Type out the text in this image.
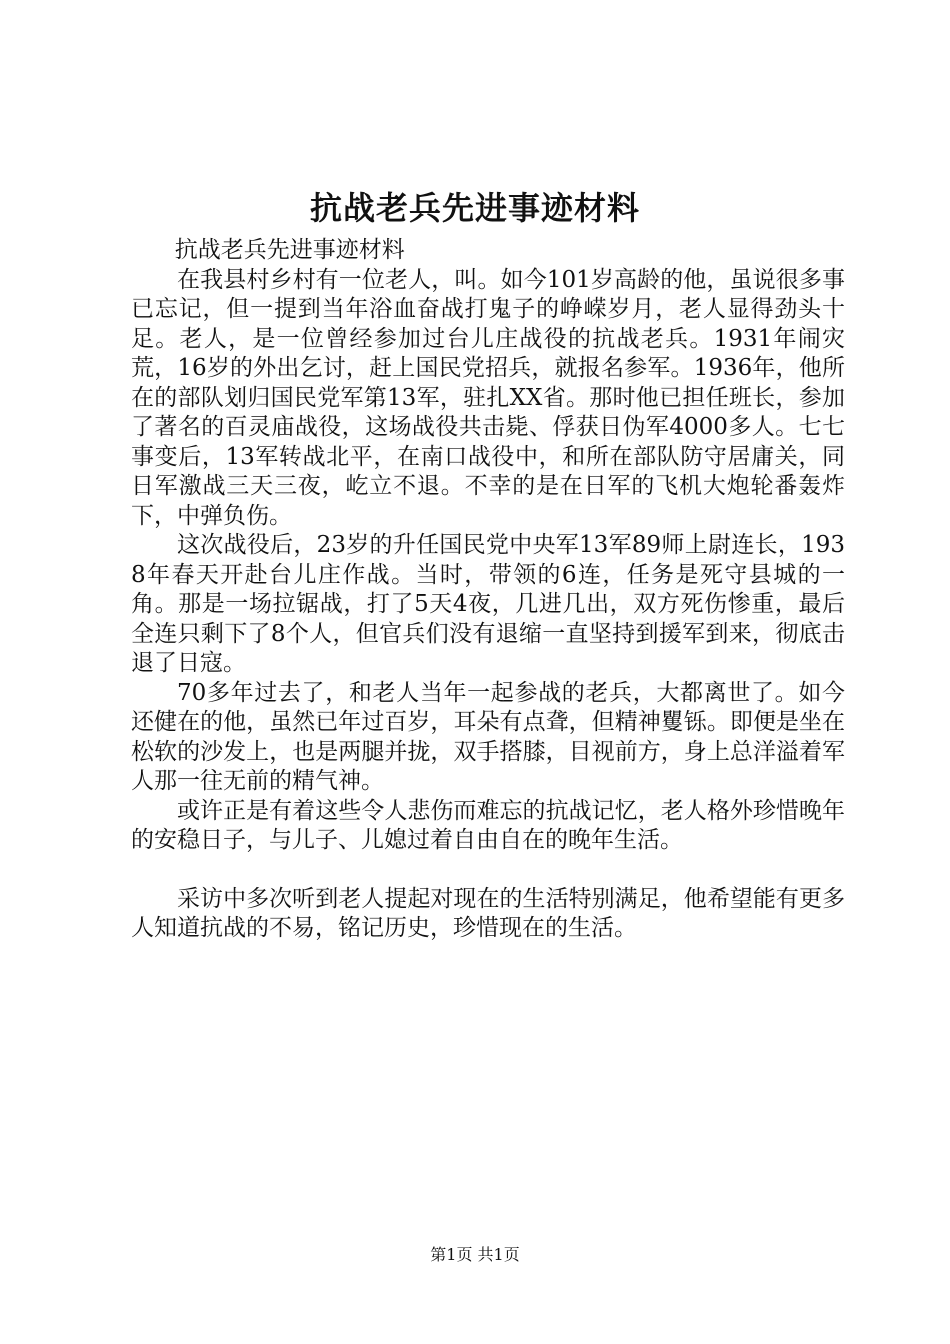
抗战老兵先进事迹材料

抗战老兵先进事迹材料

在我县村乡村有一位老人，叫。如今101岁高龄的他，虽说很多事已忘记，但一提到当年浴血奋战打鬼子的峥嵘岁月，老人显得劲头十足。老人，是一位曾经参加过台儿庄战役的抗战老兵。1931年闹灾荒，16岁的外出乞讨，赶上国民党招兵，就报名参军。1936年，他所在的部队划归国民党军第13军，驻扎XX省。那时他已担任班长，参加了著名的百灵庙战役，这场战役共击毙、俘获日伪军4000多人。七七事变后，13军转战北平，在南口战役中，和所在部队防守居庸关，同日军激战三天三夜，屹立不退。不幸的是在日军的飞机大炮轮番轰炸下，中弹负伤。

这次战役后，23岁的升任国民党中央军13军89师上尉连长，1938年春天开赴台儿庄作战。当时，带领的6连，任务是死守县城的一角。那是一场拉锯战，打了5天4夜，几进几出，双方死伤惨重，最后全连只剩下了8个人，但官兵们没有退缩一直坚持到援军到来，彻底击退了日寇。

70多年过去了，和老人当年一起参战的老兵，大都离世了。如今还健在的他，虽然已年过百岁，耳朵有点聋，但精神矍铄。即便是坐在松软的沙发上，也是两腿并拢，双手搭膝，目视前方，身上总洋溢着军人那一往无前的精气神。

或许正是有着这些令人悲伤而难忘的抗战记忆，老人格外珍惜晚年的安稳日子，与儿子、儿媳过着自由自在的晚年生活。

采访中多次听到老人提起对现在的生活特别满足，他希望能有更多人知道抗战的不易，铭记历史，珍惜现在的生活。

第1页 共1页
